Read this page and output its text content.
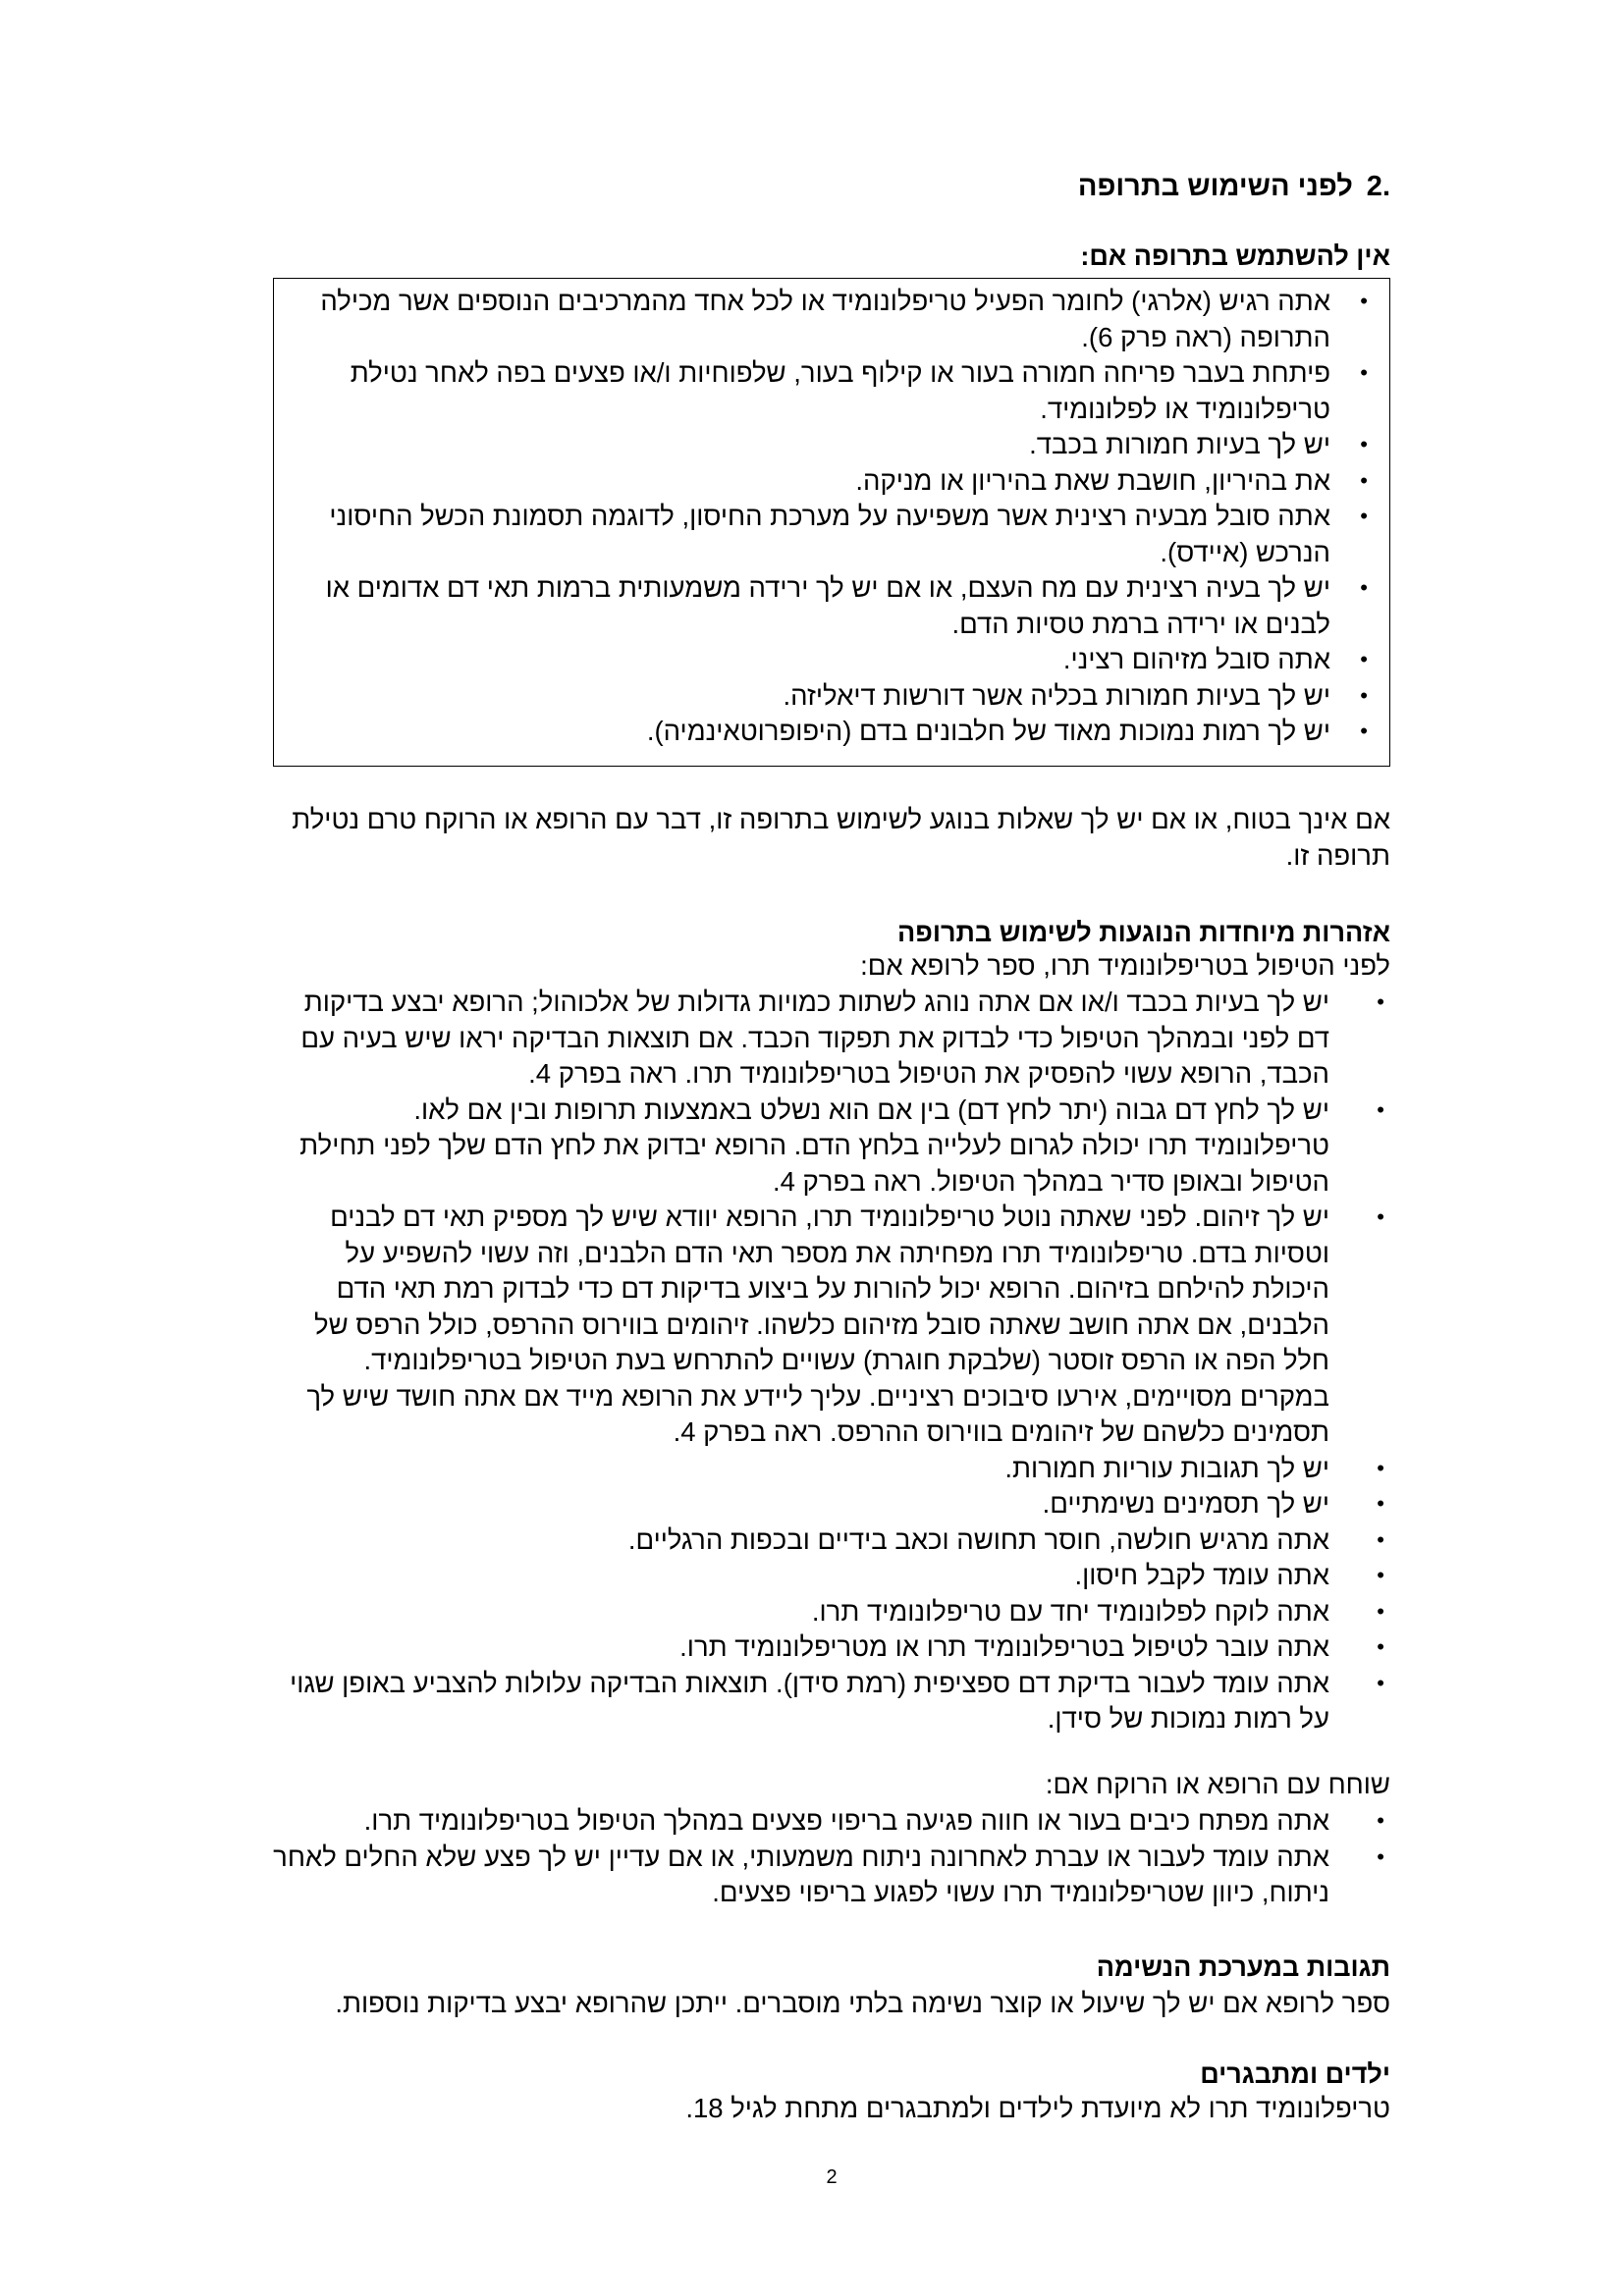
.2לפני השימוש בתרופה
אין להשתמש בתרופה אם:
•
אתה רגיש (אלרגי) לחומר הפעיל טריפלונומיד או לכל אחד מהמרכיבים הנוספים אשר מכילה התרופה (ראה פרק 6).
•
פיתחת בעבר פריחה חמורה בעור או קילוף בעור, שלפוחיות ו/או פצעים בפה לאחר נטילת טריפלונומיד או לפלונומיד.
•
יש לך בעיות חמורות בכבד.
•
את בהיריון, חושבת שאת בהיריון או מניקה.
•
אתה סובל מבעיה רצינית אשר משפיעה על מערכת החיסון, לדוגמה תסמונת הכשל החיסוני הנרכש (איידס).
•
יש לך בעיה רצינית עם מח העצם, או אם יש לך ירידה משמעותית ברמות תאי דם אדומים או לבנים או ירידה ברמת טסיות הדם.
•
אתה סובל מזיהום רציני.
•
יש לך בעיות חמורות בכליה אשר דורשות דיאליזה.
•
יש לך רמות נמוכות מאוד של חלבונים בדם (היפופרוטאינמיה).

אם אינך בטוח, או אם יש לך שאלות בנוגע לשימוש בתרופה זו, דבר עם הרופא או הרוקח טרם נטילת תרופה זו.

אזהרות מיוחדות הנוגעות לשימוש בתרופה

לפני הטיפול בטריפלונומיד תרו, ספר לרופא אם:

•
יש לך בעיות בכבד ו/או אם אתה נוהג לשתות כמויות גדולות של אלכוהול; הרופא יבצע בדיקות דם לפני ובמהלך הטיפול כדי לבדוק את תפקוד הכבד. אם תוצאות הבדיקה יראו שיש בעיה עם הכבד, הרופא עשוי להפסיק את הטיפול בטריפלונומיד תרו. ראה בפרק 4.
•
יש לך לחץ דם גבוה (יתר לחץ דם) בין אם הוא נשלט באמצעות תרופות ובין אם לאו. טריפלונומיד תרו יכולה לגרום לעלייה בלחץ הדם. הרופא יבדוק את לחץ הדם שלך לפני תחילת הטיפול ובאופן סדיר במהלך הטיפול. ראה בפרק 4.
•
יש לך זיהום. לפני שאתה נוטל טריפלונומיד תרו, הרופא יוודא שיש לך מספיק תאי דם לבנים וטסיות בדם. טריפלונומיד תרו מפחיתה את מספר תאי הדם הלבנים, וזה עשוי להשפיע על היכולת להילחם בזיהום. הרופא יכול להורות על ביצוע בדיקות דם כדי לבדוק רמת תאי הדם הלבנים, אם אתה חושב שאתה סובל מזיהום כלשהו. זיהומים בווירוס ההרפס, כולל הרפס של חלל הפה או הרפס זוסטר (שלבקת חוגרת) עשויים להתרחש בעת הטיפול בטריפלונומיד. במקרים מסויימים, אירעו סיבוכים רציניים. עליך ליידע את הרופא מייד אם אתה חושד שיש לך תסמינים כלשהם של זיהומים בווירוס ההרפס. ראה בפרק 4.
•
יש לך תגובות עוריות חמורות.
•
יש לך תסמינים נשימתיים.
•
אתה מרגיש חולשה, חוסר תחושה וכאב בידיים ובכפות הרגליים.
•
אתה עומד לקבל חיסון.
•
אתה לוקח לפלונומיד יחד עם טריפלונומיד תרו.
•
אתה עובר לטיפול בטריפלונומיד תרו או מטריפלונומיד תרו.
•
אתה עומד לעבור בדיקת דם ספציפית (רמת סידן). תוצאות הבדיקה עלולות להצביע באופן שגוי על רמות נמוכות של סידן.

שוחח עם הרופא או הרוקח אם:

•
אתה מפתח כיבים בעור או חווה פגיעה בריפוי פצעים במהלך הטיפול בטריפלונומיד תרו.
•
אתה עומד לעבור או עברת לאחרונה ניתוח משמעותי, או אם עדיין יש לך פצע שלא החלים לאחר ניתוח, כיוון שטריפלונומיד תרו עשוי לפגוע בריפוי פצעים.
תגובות במערכת הנשימה

ספר לרופא אם יש לך שיעול או קוצר נשימה בלתי מוסברים. ייתכן שהרופא יבצע בדיקות נוספות.

ילדים ומתבגרים

טריפלונומיד תרו לא מיועדת לילדים ולמתבגרים מתחת לגיל 18.

2
